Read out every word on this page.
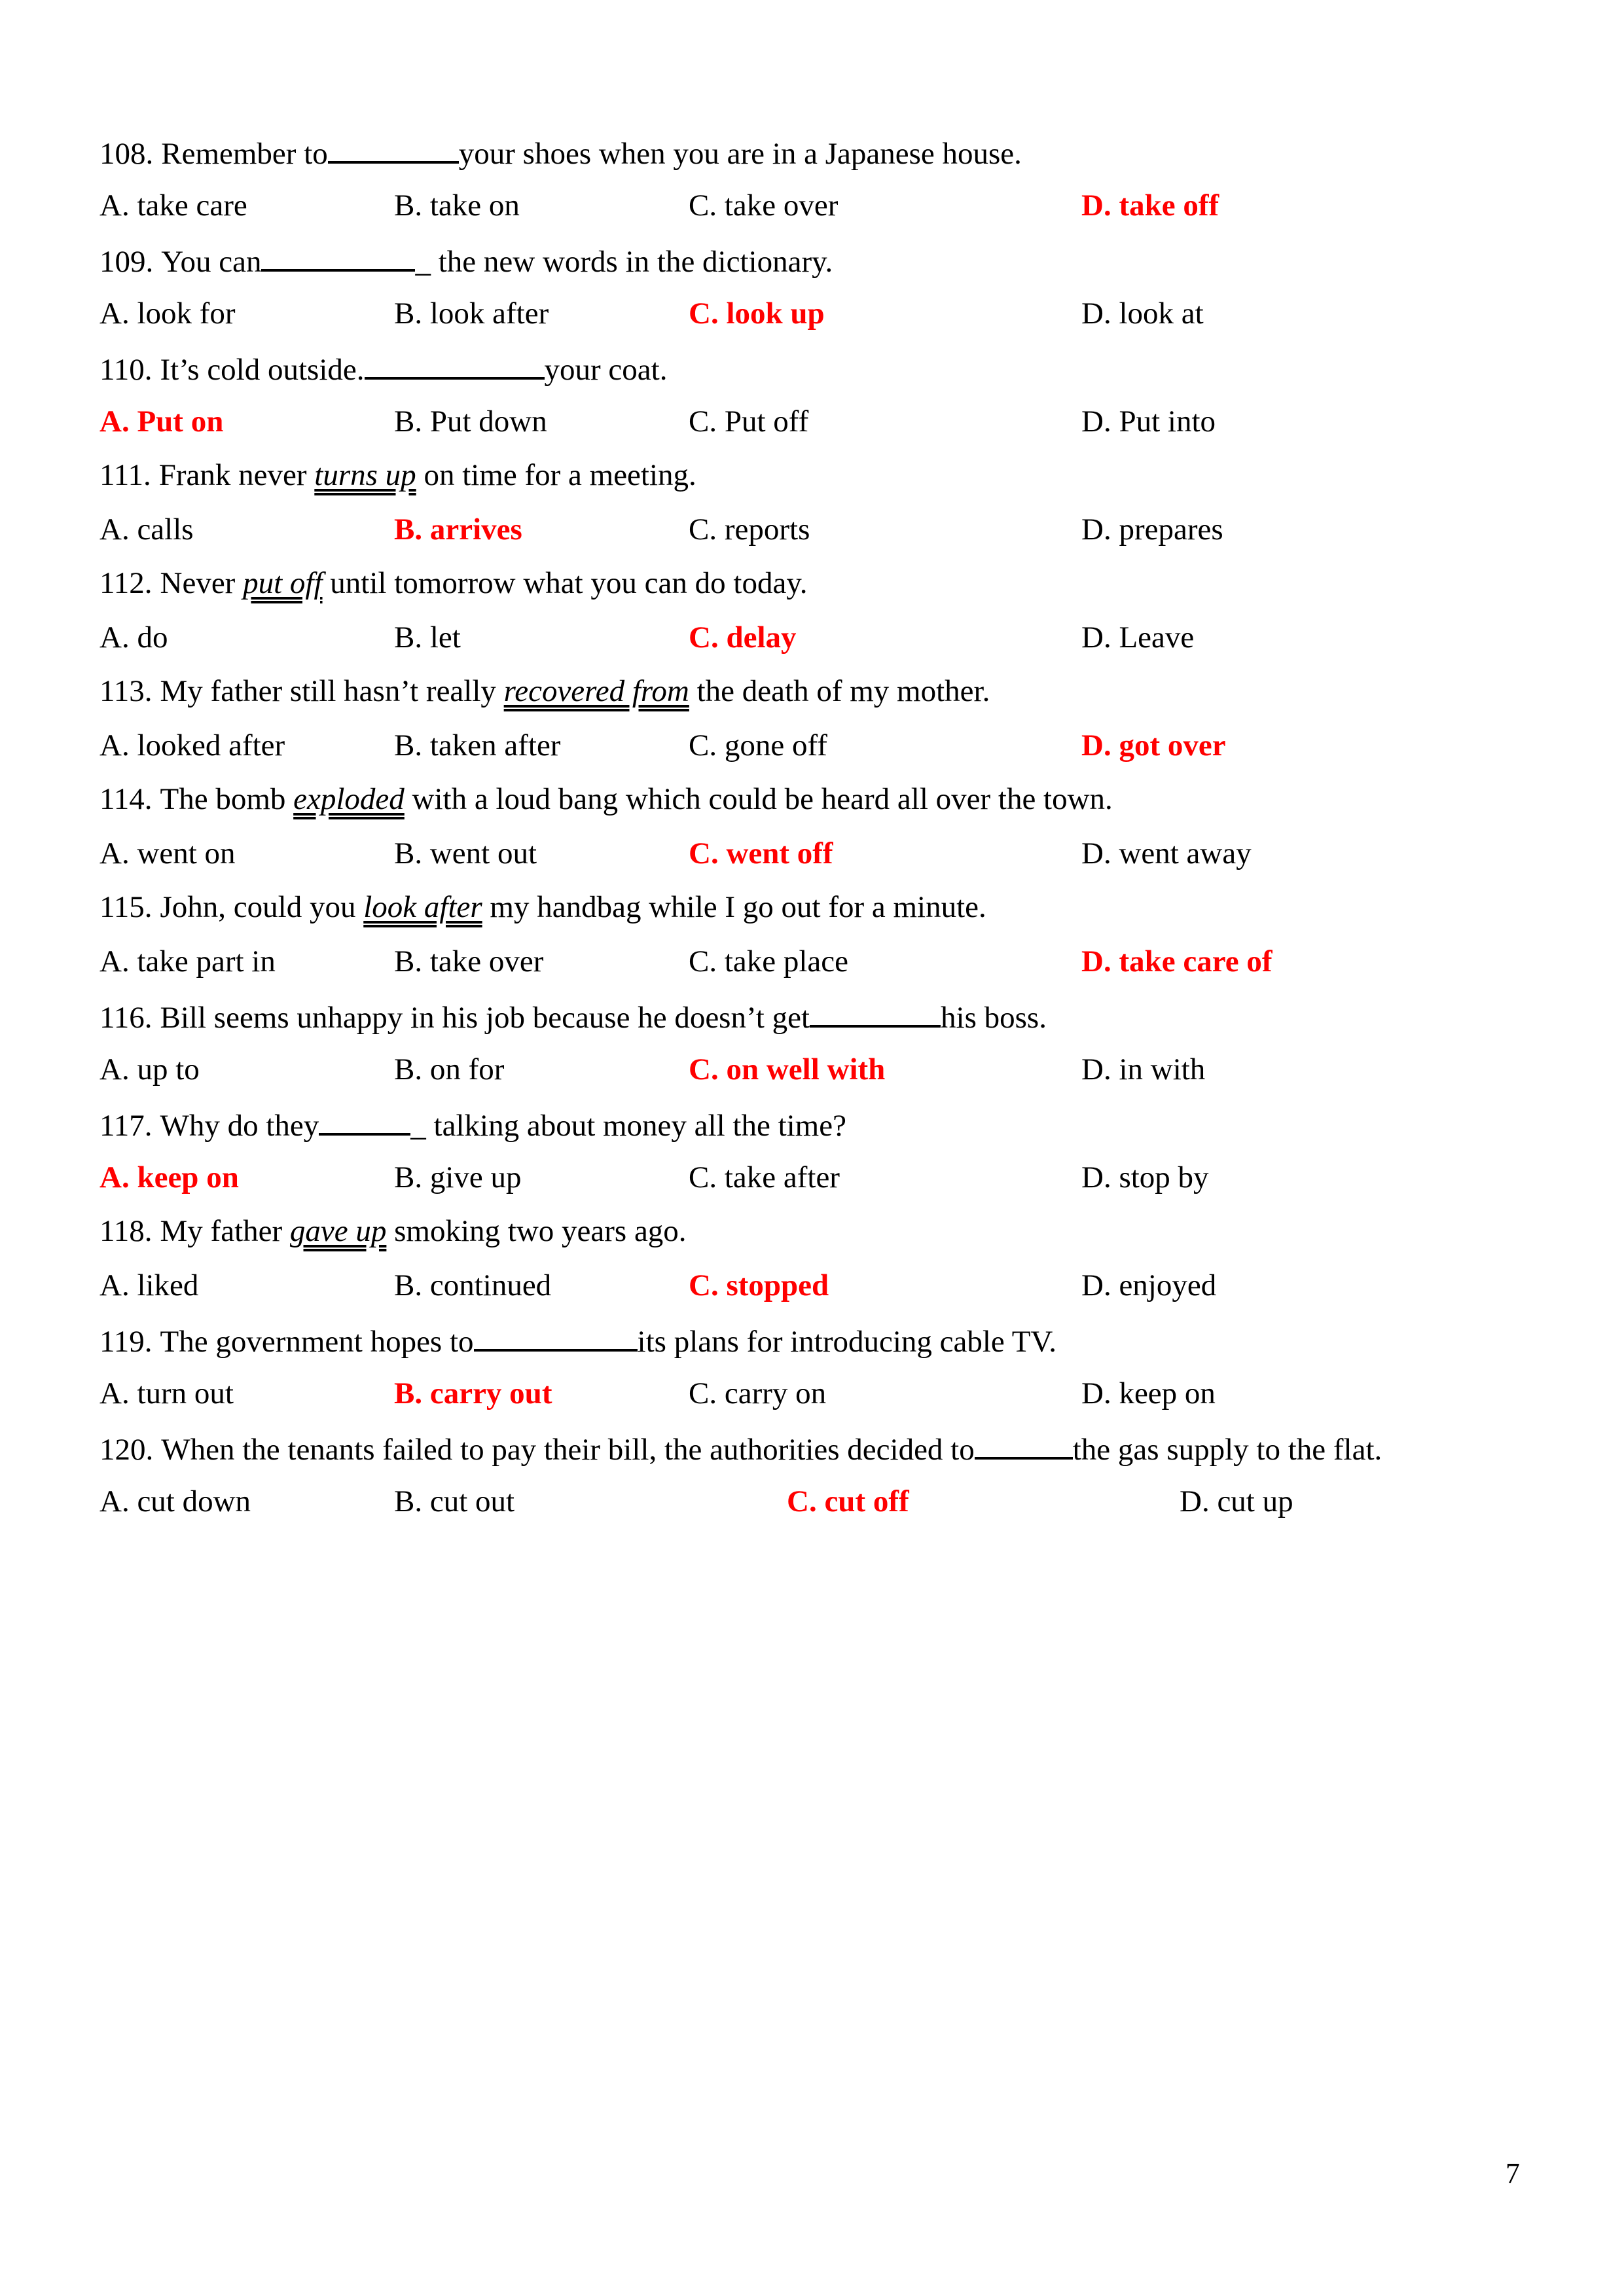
108. Remember to	your shoes when you are in a Japanese house.
A. take care	B. take on	C. take over	D. take off
109. You can	_ the new words in the dictionary.
A. look for	B. look after	C. look up	D. look at
110. It’s cold outside.	your coat.
A. Put on	B. Put down	C. Put off	D. Put into
111. Frank never turns up on time for a meeting.
A. calls	B. arrives	C. reports	D. prepares
112. Never put off until tomorrow what you can do today.
A. do	B. let	C. delay	D. Leave
113. My father still hasn’t really recovered from the death of my mother.
A. looked after	B. taken after	C. gone off	D. got over
114. The bomb exploded with a loud bang which could be heard all over the town.
A. went on	B. went out	C. went off	D. went away
115. John, could you look after my handbag while I go out for a minute.
A. take part in	B. take over	C. take place	D. take care of
116. Bill seems unhappy in his job because he doesn’t get	his boss.
A. up to	B. on for	C. on well with	D. in with
117. Why do they	_ talking about money all the time?
A. keep on	B. give up	C. take after	D. stop by
118. My father gave up smoking two years ago.
A. liked	B. continued	C. stopped	D. enjoyed
119. The government hopes to	its plans for introducing cable TV.
A. turn out	B. carry out	C. carry on	D. keep on
120. When the tenants failed to pay their bill, the authorities decided to	the gas supply to the flat.
A. cut down	B. cut out	C. cut off	D. cut up
7
